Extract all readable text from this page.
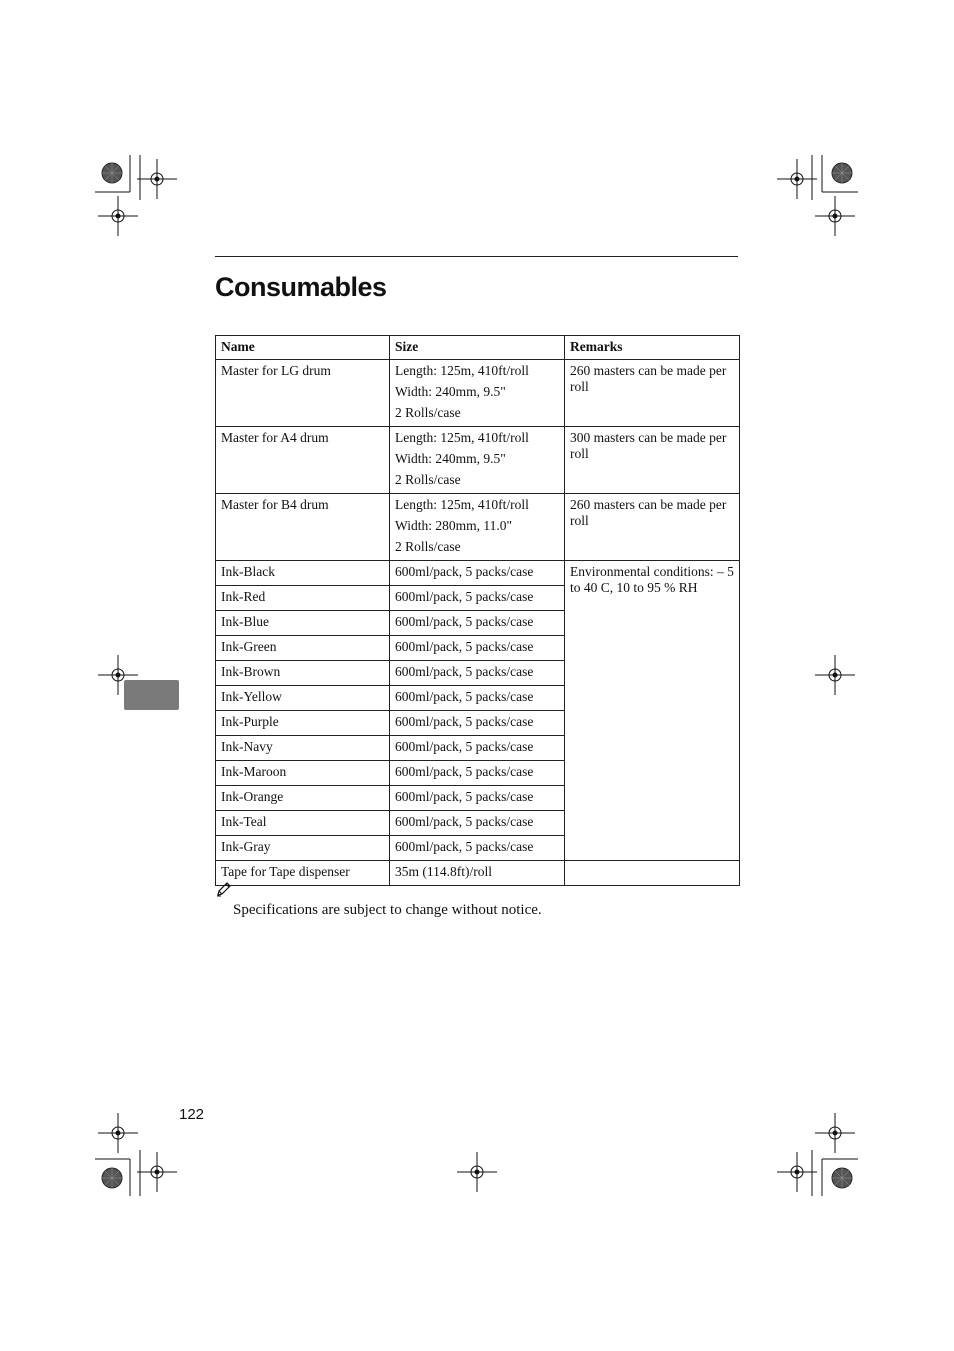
Consumables
Name	Size	Remarks
Master for LG drum	Length: 125m, 410ft/roll
Width: 240mm, 9.5"
2 Rolls/case	260 masters can be made per roll
Master for A4 drum	Length: 125m, 410ft/roll
Width: 240mm, 9.5"
2 Rolls/case	300 masters can be made per roll
Master for B4 drum	Length: 125m, 410ft/roll
Width: 280mm, 11.0"
2 Rolls/case	260 masters can be made per roll
Ink-Black	600ml/pack, 5 packs/case	Environmental conditions: – 5 to 40 C, 10 to 95 % RH
Ink-Red	600ml/pack, 5 packs/case	
Ink-Blue	600ml/pack, 5 packs/case	
Ink-Green	600ml/pack, 5 packs/case	
Ink-Brown	600ml/pack, 5 packs/case	
Ink-Yellow	600ml/pack, 5 packs/case	
Ink-Purple	600ml/pack, 5 packs/case	
Ink-Navy	600ml/pack, 5 packs/case	
Ink-Maroon	600ml/pack, 5 packs/case	
Ink-Orange	600ml/pack, 5 packs/case	
Ink-Teal	600ml/pack, 5 packs/case	
Ink-Gray	600ml/pack, 5 packs/case	
Tape for Tape dispenser	35m (114.8ft)/roll	
Specifications are subject to change without notice.
122
